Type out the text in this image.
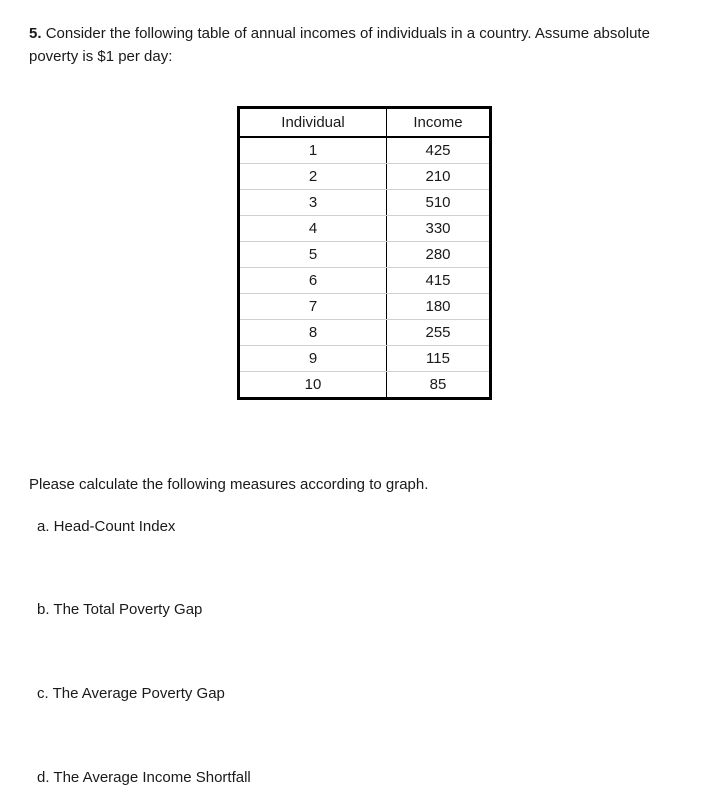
5. Consider the following table of annual incomes of individuals in a country. Assume absolute poverty is $1 per day:
Individual	Income
1	425
2	210
3	510
4	330
5	280
6	415
7	180
8	255
9	115
10	85
Please calculate the following measures according to graph.
a. Head-Count Index
b. The Total Poverty Gap
c. The Average Poverty Gap
d. The Average Income Shortfall
